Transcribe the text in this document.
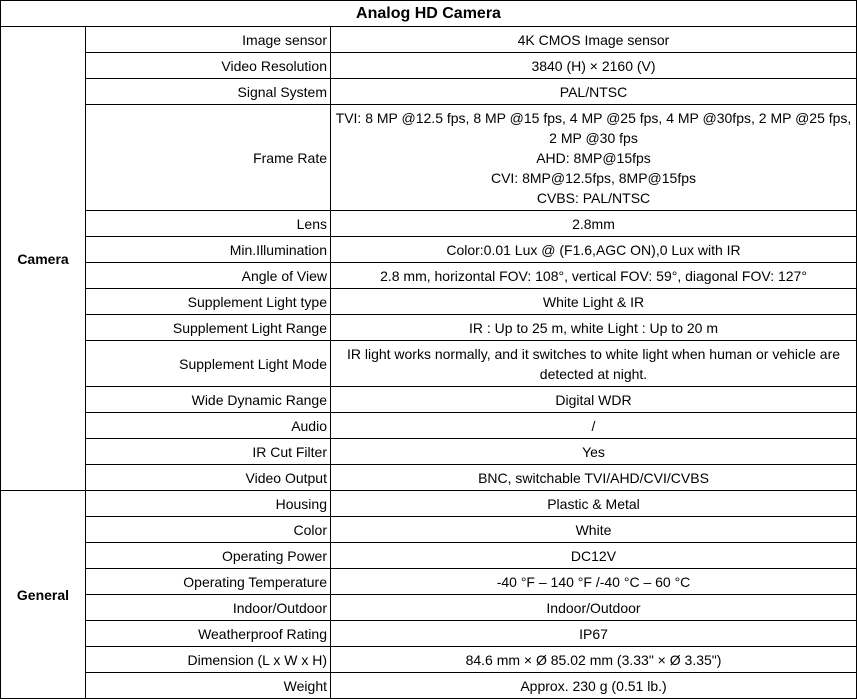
Analog HD Camera		
Camera	Image sensor	4K CMOS Image sensor

	Video Resolution	3840 (H) × 2160 (V)

	Signal System	PAL/NTSC

	Frame Rate	TVI: 8 MP @12.5 fps, 8 MP @15 fps, 4 MP @25 fps, 4 MP @30fps, 2 MP @25 fps, 2 MP @30 fps
AHD: 8MP@15fps
CVI: 8MP@12.5fps, 8MP@15fps
CVBS: PAL/NTSC

	Lens	2.8mm

	Min.Illumination	Color:0.01 Lux @ (F1.6,AGC ON),0 Lux with IR

	Angle of View	2.8 mm, horizontal FOV: 108°, vertical FOV: 59°, diagonal FOV: 127°

	Supplement Light type	White Light & IR

	Supplement Light Range	IR : Up to 25 m, white Light : Up to 20 m

	Supplement Light Mode	IR light works normally, and it switches to white light when human or vehicle are detected at night.

	Wide Dynamic Range	Digital WDR

	Audio	/

	IR Cut Filter	Yes

	Video Output	BNC, switchable TVI/AHD/CVI/CVBS

General	Housing	Plastic & Metal

	Color	White

	Operating Power	DC12V

	Operating Temperature	-40 °F – 140 °F /-40 °C – 60 °C

	Indoor/Outdoor	Indoor/Outdoor

	Weatherproof Rating	IP67

	Dimension (L x W x H)	84.6 mm × Ø 85.02 mm (3.33" × Ø 3.35")

	Weight	Approx. 230 g (0.51 lb.)
